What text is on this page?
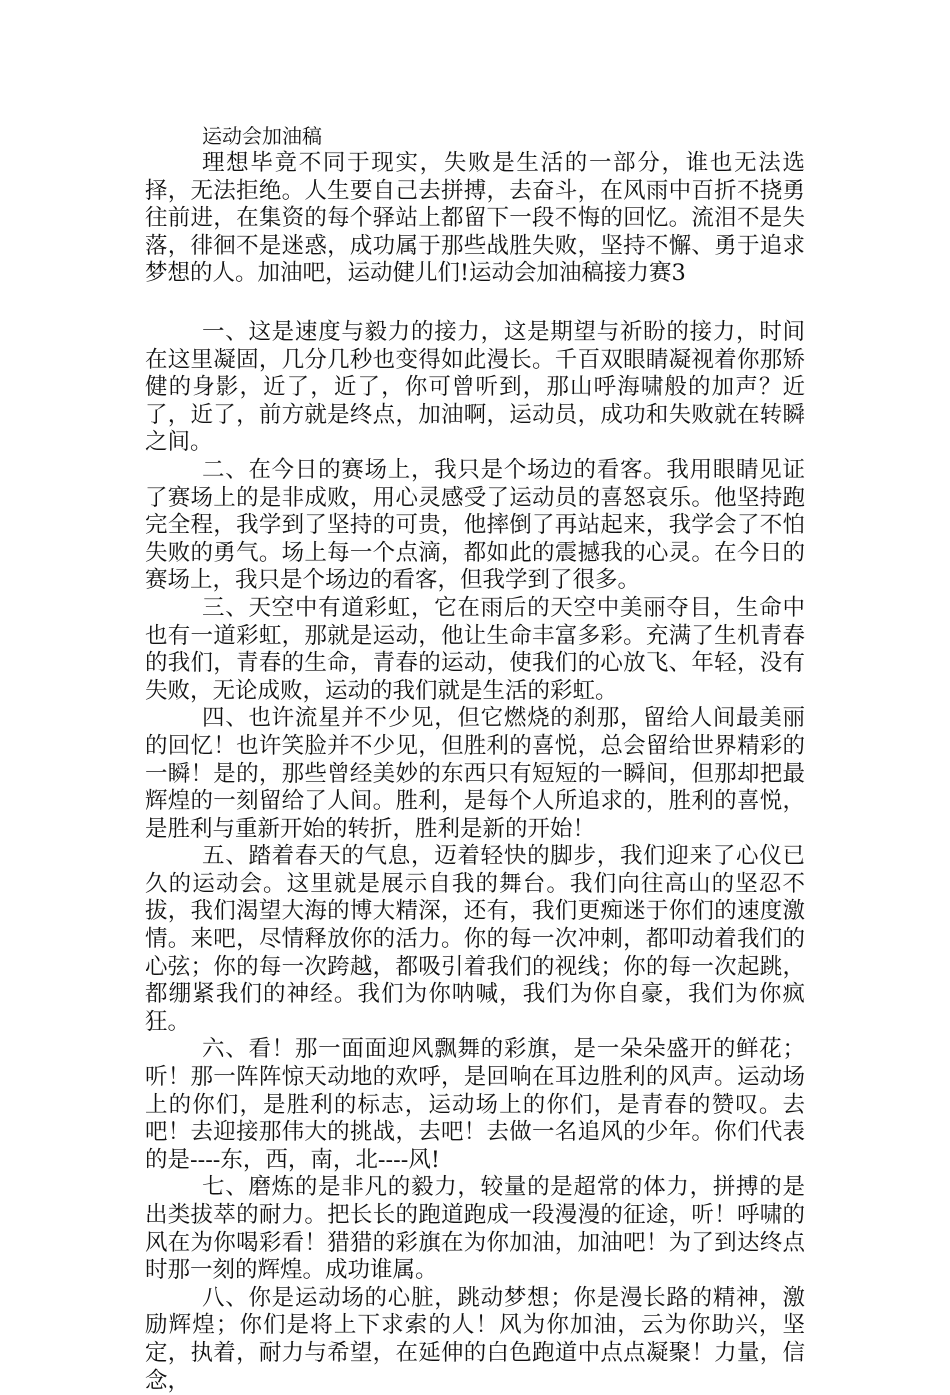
运动会加油稿

理想毕竟不同于现实，失败是生活的一部分，谁也无法选择，无法拒绝。人生要自己去拼搏，去奋斗，在风雨中百折不挠勇往前进，在集资的每个驿站上都留下一段不悔的回忆。流泪不是失落，徘徊不是迷惑，成功属于那些战胜失败，坚持不懈、勇于追求梦想的人。加油吧，运动健儿们!运动会加油稿接力赛3

一、这是速度与毅力的接力，这是期望与祈盼的接力，时间在这里凝固，几分几秒也变得如此漫长。千百双眼睛凝视着你那矫健的身影，近了，近了，你可曾听到，那山呼海啸般的加声？近了，近了，前方就是终点，加油啊，运动员，成功和失败就在转瞬之间。

二、在今日的赛场上，我只是个场边的看客。我用眼睛见证了赛场上的是非成败，用心灵感受了运动员的喜怒哀乐。他坚持跑完全程，我学到了坚持的可贵，他摔倒了再站起来，我学会了不怕失败的勇气。场上每一个点滴，都如此的震撼我的心灵。在今日的赛场上，我只是个场边的看客，但我学到了很多。

三、天空中有道彩虹，它在雨后的天空中美丽夺目，生命中也有一道彩虹，那就是运动，他让生命丰富多彩。充满了生机青春的我们，青春的生命，青春的运动，使我们的心放飞、年轻，没有失败，无论成败，运动的我们就是生活的彩虹。

四、也许流星并不少见，但它燃烧的刹那，留给人间最美丽的回忆！也许笑脸并不少见，但胜利的喜悦，总会留给世界精彩的一瞬！是的，那些曾经美妙的东西只有短短的一瞬间，但那却把最辉煌的一刻留给了人间。胜利，是每个人所追求的，胜利的喜悦，是胜利与重新开始的转折，胜利是新的开始！

五、踏着春天的气息，迈着轻快的脚步，我们迎来了心仪已久的运动会。这里就是展示自我的舞台。我们向往高山的坚忍不拔，我们渴望大海的博大精深，还有，我们更痴迷于你们的速度激情。来吧，尽情释放你的活力。你的每一次冲刺，都叩动着我们的心弦；你的每一次跨越，都吸引着我们的视线；你的每一次起跳，都绷紧我们的神经。我们为你呐喊，我们为你自豪，我们为你疯狂。

六、看！那一面面迎风飘舞的彩旗，是一朵朵盛开的鲜花；听！那一阵阵惊天动地的欢呼，是回响在耳边胜利的风声。运动场上的你们，是胜利的标志，运动场上的你们，是青春的赞叹。去吧！去迎接那伟大的挑战，去吧！去做一名追风的少年。你们代表的是----东，西，南，北----风!

七、磨炼的是非凡的毅力，较量的是超常的体力，拼搏的是出类拔萃的耐力。把长长的跑道跑成一段漫漫的征途，听！呼啸的风在为你喝彩看！猎猎的彩旗在为你加油，加油吧！为了到达终点时那一刻的辉煌。成功谁属。

八、你是运动场的心脏，跳动梦想；你是漫长路的精神，激励辉煌；你们是将上下求索的人！风为你加油，云为你助兴，坚定，执着，耐力与希望，在延伸的白色跑道中点点凝聚！力量，信念，
